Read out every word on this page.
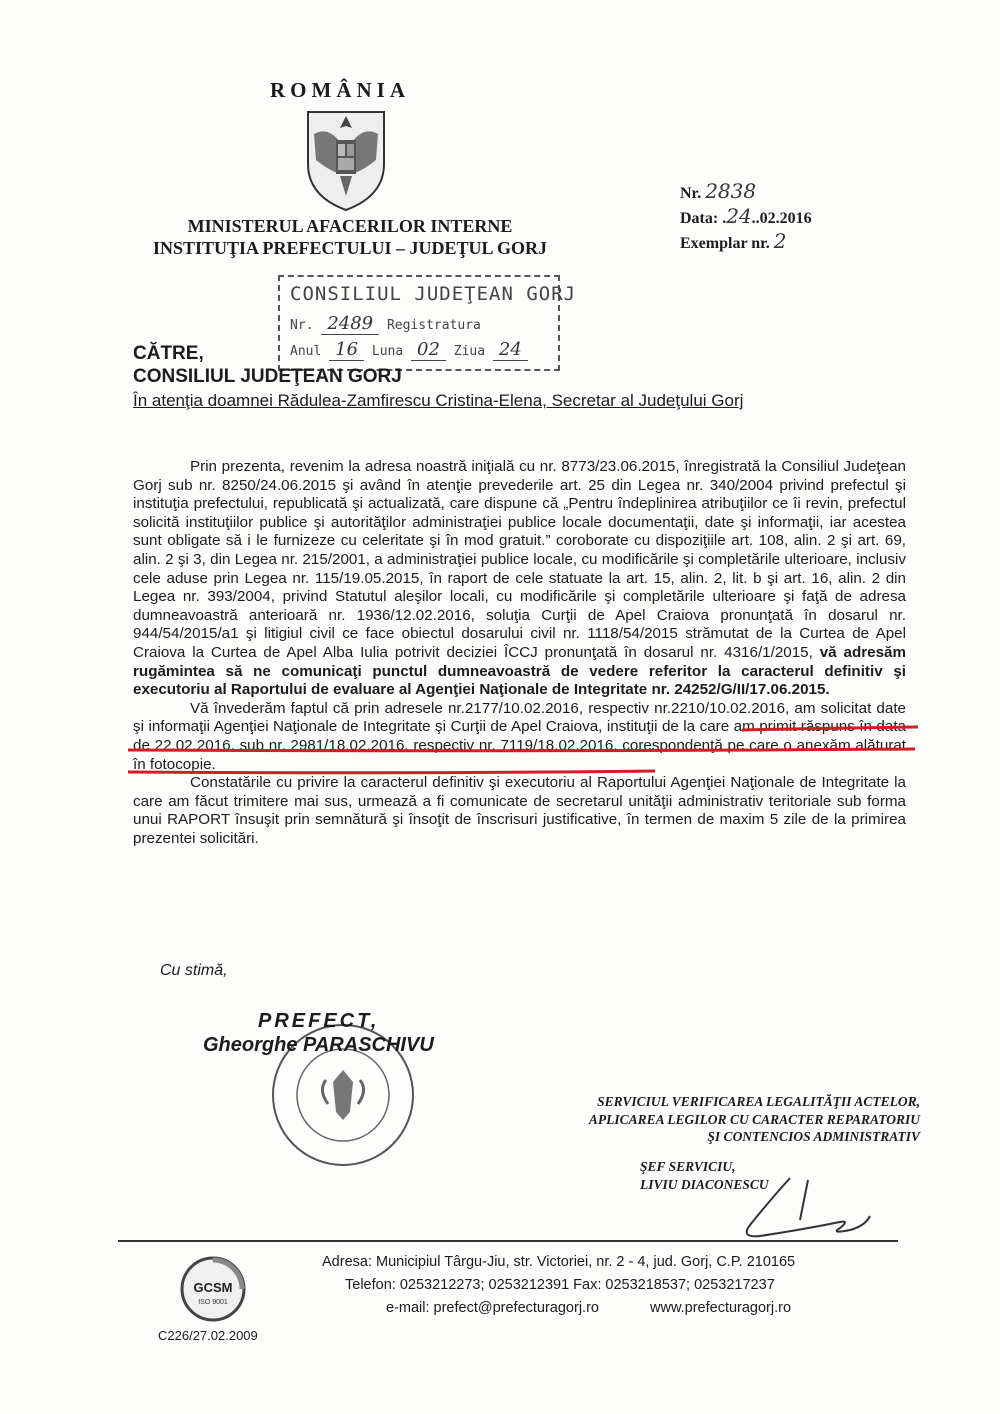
ROMÂNIA
MINISTERUL AFACERILOR INTERNE
INSTITUŢIA PREFECTULUI – JUDEŢUL GORJ
Nr. 2838
Data: .24..02.2016
Exemplar nr. 2
CONSILIUL JUDEŢEAN GORJ
Nr. 2489 Registratura
Anul 16 Luna 02 Ziua 24
CĂTRE,
CONSILIUL JUDEŢEAN GORJ
În atenţia doamnei Rădulea-Zamfirescu Cristina-Elena, Secretar al Judeţului Gorj

Prin prezenta, revenim la adresa noastră iniţială cu nr. 8773/23.06.2015, înregistrată la Consiliul Judeţean Gorj sub nr. 8250/24.06.2015 şi având în atenţie prevederile art. 25 din Legea nr. 340/2004 privind prefectul şi instituţia prefectului, republicată şi actualizată, care dispune că „Pentru îndeplinirea atribuţiilor ce îi revin, prefectul solicită instituţiilor publice şi autorităţilor administraţiei publice locale documentaţii, date şi informaţii, iar acestea sunt obligate să i le furnizeze cu celeritate şi în mod gratuit.” coroborate cu dispoziţiile art. 108, alin. 2 şi art. 69, alin. 2 şi 3, din Legea nr. 215/2001, a administraţiei publice locale, cu modificările şi completările ulterioare, inclusiv cele aduse prin Legea nr. 115/19.05.2015, în raport de cele statuate la art. 15, alin. 2, lit. b şi art. 16, alin. 2 din Legea nr. 393/2004, privind Statutul aleşilor locali, cu modificările şi completările ulterioare şi faţă de adresa dumneavoastră anterioară nr. 1936/12.02.2016, soluţia Curţii de Apel Craiova pronunţată în dosarul nr. 944/54/2015/a1 şi litigiul civil ce face obiectul dosarului civil nr. 1118/54/2015 strămutat de la Curtea de Apel Craiova la Curtea de Apel Alba Iulia potrivit deciziei ÎCCJ pronunţată în dosarul nr. 4316/1/2015, vă adresăm rugămintea să ne comunicaţi punctul dumneavoastră de vedere referitor la caracterul definitiv şi executoriu al Raportului de evaluare al Agenţiei Naţionale de Integritate nr. 24252/G/II/17.06.2015.

Vă învederăm faptul că prin adresele nr.2177/10.02.2016, respectiv nr.2210/10.02.2016, am solicitat date şi informaţii Agenţiei Naţionale de Integritate şi Curţii de Apel Craiova, instituţii de la care am primit răspuns în data de 22.02.2016, sub nr. 2981/18.02.2016, respectiv nr. 7119/18.02.2016, corespondenţă pe care o anexăm alăturat în fotocopie.

Constatările cu privire la caracterul definitiv şi executoriu al Raportului Agenţiei Naţionale de Integritate la care am făcut trimitere mai sus, urmează a fi comunicate de secretarul unităţii administrativ teritoriale sub forma unui RAPORT însuşit prin semnătură şi însoţit de înscrisuri justificative, în termen de maxim 5 zile de la primirea prezentei solicitări.

Cu stimă,
PREFECT,
Gheorghe PARASCHIVU
SERVICIUL VERIFICAREA LEGALITĂŢII ACTELOR,
APLICAREA LEGILOR CU CARACTER REPARATORIU
ŞI CONTENCIOS ADMINISTRATIV
ŞEF SERVICIU,
LIVIU DIACONESCU
GCSM
ISO 9001
C226/27.02.2009
Adresa: Municipiul Târgu-Jiu, str. Victoriei, nr. 2 - 4, jud. Gorj, C.P. 210165
Telefon: 0253212273; 0253212391 Fax: 0253218537; 0253217237
e-mail: prefect@prefecturagorj.ro	www.prefecturagorj.ro
